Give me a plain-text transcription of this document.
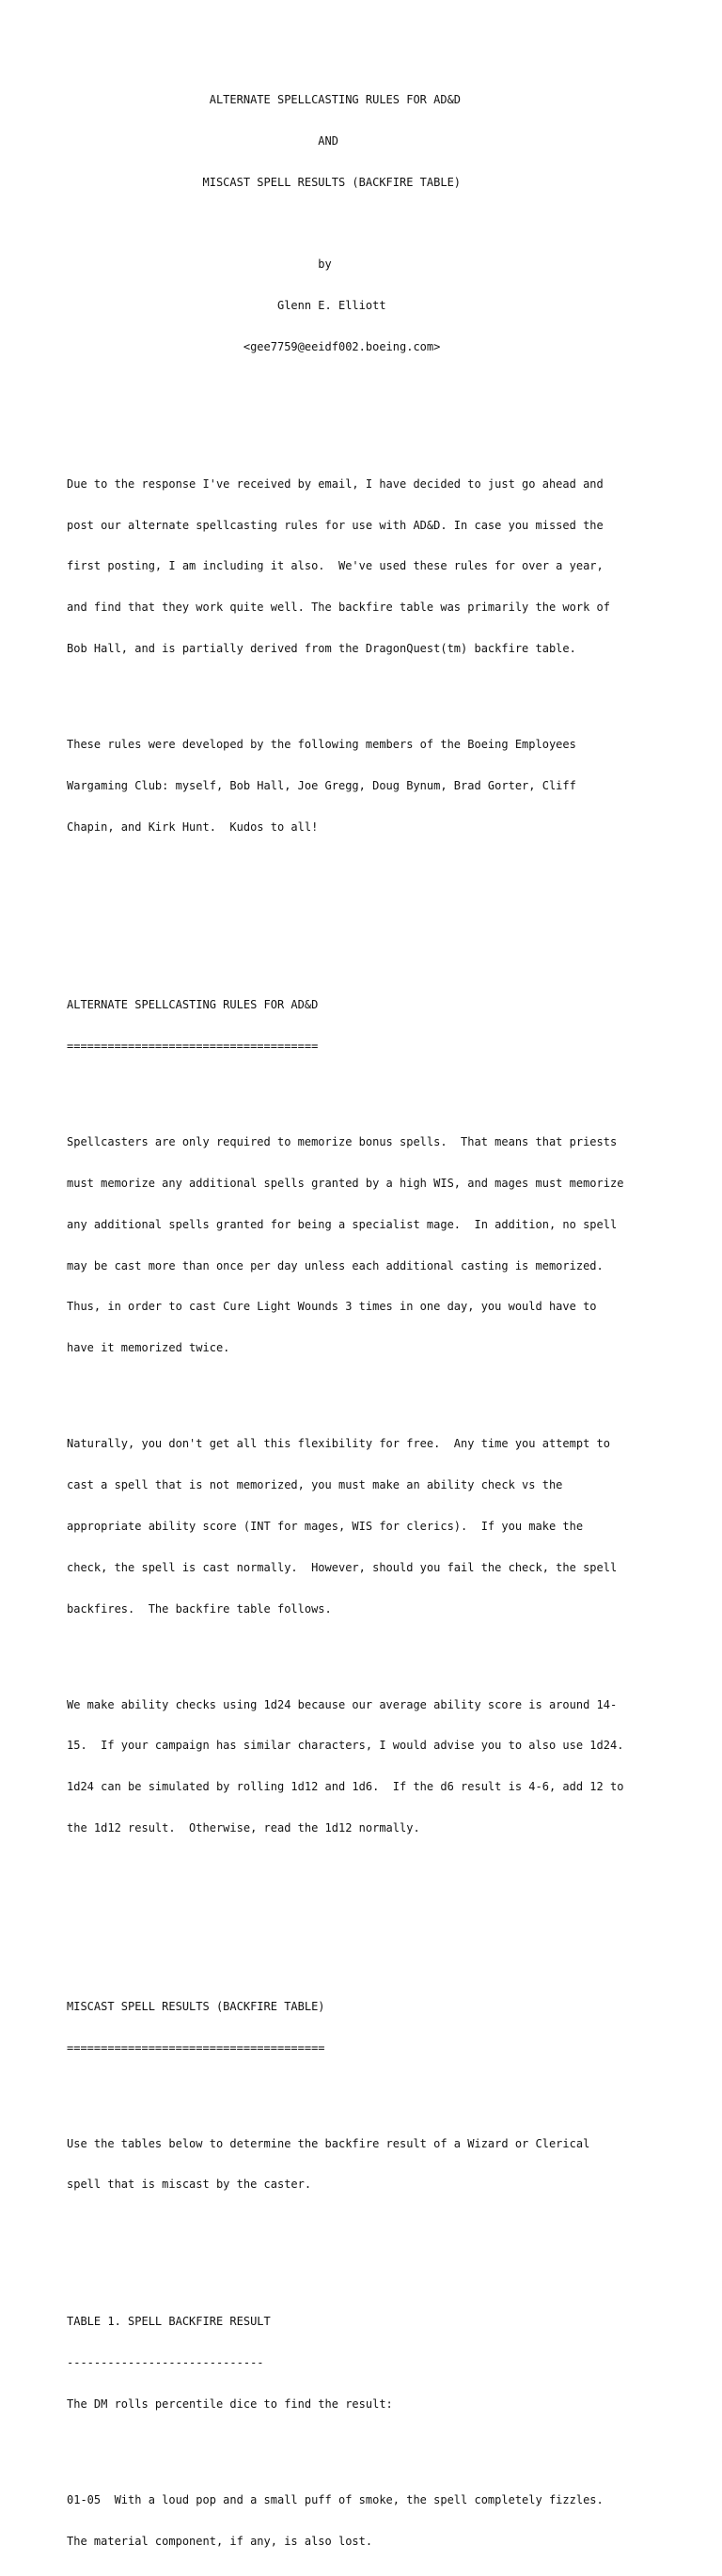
ALTERNATE SPELLCASTING RULES FOR AD&D

AND

MISCAST SPELL RESULTS (BACKFIRE TABLE)

by

Glenn E. Elliott

<gee7759@eeidf002.boeing.com>

Due to the response I've received by email, I have decided to just go ahead and

post our alternate spellcasting rules for use with AD&D. In case you missed the

first posting, I am including it also.  We've used these rules for over a year,

and find that they work quite well. The backfire table was primarily the work of

Bob Hall, and is partially derived from the DragonQuest(tm) backfire table.

These rules were developed by the following members of the Boeing Employees

Wargaming Club: myself, Bob Hall, Joe Gregg, Doug Bynum, Brad Gorter, Cliff

Chapin, and Kirk Hunt.  Kudos to all!

ALTERNATE SPELLCASTING RULES FOR AD&D

=====================================

Spellcasters are only required to memorize bonus spells.  That means that priests

must memorize any additional spells granted by a high WIS, and mages must memorize

any additional spells granted for being a specialist mage.  In addition, no spell

may be cast more than once per day unless each additional casting is memorized.

Thus, in order to cast Cure Light Wounds 3 times in one day, you would have to

have it memorized twice.

Naturally, you don't get all this flexibility for free.  Any time you attempt to

cast a spell that is not memorized, you must make an ability check vs the

appropriate ability score (INT for mages, WIS for clerics).  If you make the

check, the spell is cast normally.  However, should you fail the check, the spell

backfires.  The backfire table follows.

We make ability checks using 1d24 because our average ability score is around 14-

15.  If your campaign has similar characters, I would advise you to also use 1d24.

1d24 can be simulated by rolling 1d12 and 1d6.  If the d6 result is 4-6, add 12 to

the 1d12 result.  Otherwise, read the 1d12 normally.

MISCAST SPELL RESULTS (BACKFIRE TABLE)

======================================

Use the tables below to determine the backfire result of a Wizard or Clerical

spell that is miscast by the caster.

TABLE 1. SPELL BACKFIRE RESULT

-----------------------------

The DM rolls percentile dice to find the result:

01-05  With a loud pop and a small puff of smoke, the spell completely fizzles.

The material component, if any, is also lost.
